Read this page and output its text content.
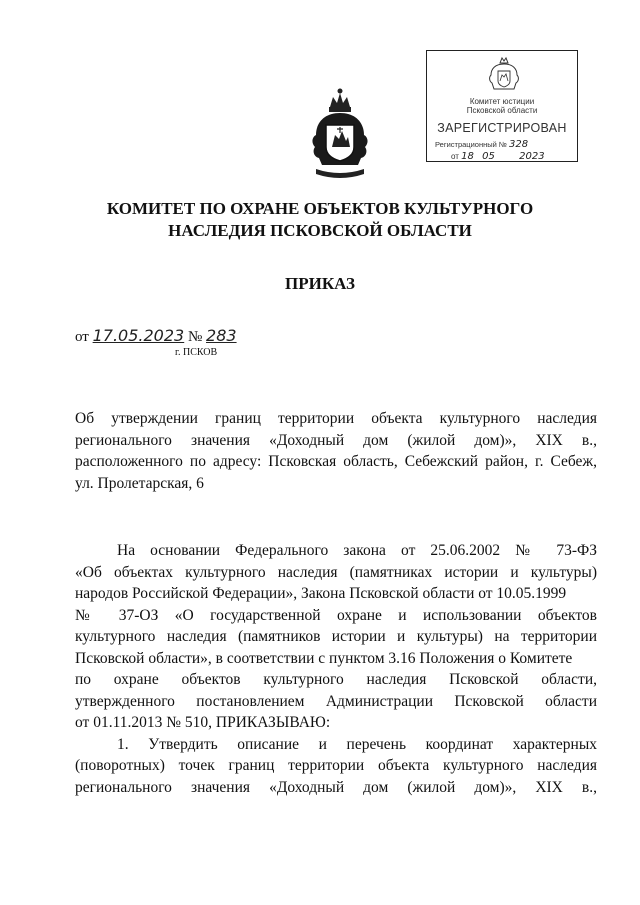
Комитет юстиции
Псковской области
ЗАРЕГИСТРИРОВАН
Регистрационный № 328
от 18 05 2023
КОМИТЕТ ПО ОХРАНЕ ОБЪЕКТОВ КУЛЬТУРНОГО
НАСЛЕДИЯ ПСКОВСКОЙ ОБЛАСТИ
ПРИКАЗ
от 17.05.2023 № 283
г. ПСКОВ
Об утверждении границ территории объекта культурного наследия
регионального значения «Доходный дом (жилой дом)», XIX в.,
расположенного по адресу: Псковская область, Себежский район, г. Себеж,
ул. Пролетарская, 6
На основании Федерального закона от 25.06.2002 № 73-ФЗ
«Об объектах культурного наследия (памятниках истории и культуры)
народов Российской Федерации», Закона Псковской области от 10.05.1999
№ 37-ОЗ «О государственной охране и использовании объектов
культурного наследия (памятников истории и культуры) на территории
Псковской области», в соответствии с пунктом 3.16 Положения о Комитете
по охране объектов культурного наследия Псковской области,
утвержденного постановлением Администрации Псковской области
от 01.11.2013 № 510, ПРИКАЗЫВАЮ:
1. Утвердить описание и перечень координат характерных
(поворотных) точек границ территории объекта культурного наследия
регионального значения «Доходный дом (жилой дом)», XIX в.,
